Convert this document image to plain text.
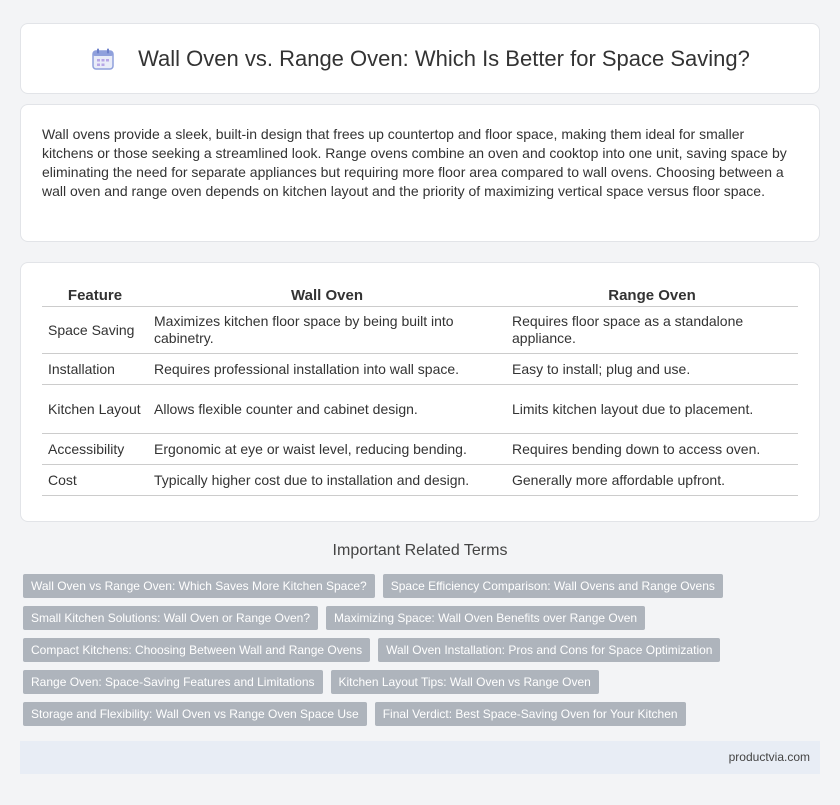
Wall Oven vs. Range Oven: Which Is Better for Space Saving?

Wall ovens provide a sleek, built-in design that frees up countertop and floor space, making them ideal for smaller kitchens or those seeking a streamlined look. Range ovens combine an oven and cooktop into one unit, saving space by eliminating the need for separate appliances but requiring more floor area compared to wall ovens. Choosing between a wall oven and range oven depends on kitchen layout and the priority of maximizing vertical space versus floor space.

Feature	Wall Oven	Range Oven
Space Saving	Maximizes kitchen floor space by being built into cabinetry.	Requires floor space as a standalone appliance.
Installation	Requires professional installation into wall space.	Easy to install; plug and use.
Kitchen Layout	Allows flexible counter and cabinet design.	Limits kitchen layout due to placement.
Accessibility	Ergonomic at eye or waist level, reducing bending.	Requires bending down to access oven.
Cost	Typically higher cost due to installation and design.	Generally more affordable upfront.
Important Related Terms
Wall Oven vs Range Oven: Which Saves More Kitchen Space?	Space Efficiency Comparison: Wall Ovens and Range Ovens
Small Kitchen Solutions: Wall Oven or Range Oven?	Maximizing Space: Wall Oven Benefits over Range Oven
Compact Kitchens: Choosing Between Wall and Range Ovens	Wall Oven Installation: Pros and Cons for Space Optimization
Range Oven: Space-Saving Features and Limitations	Kitchen Layout Tips: Wall Oven vs Range Oven
Storage and Flexibility: Wall Oven vs Range Oven Space Use	Final Verdict: Best Space-Saving Oven for Your Kitchen
productvia.com
